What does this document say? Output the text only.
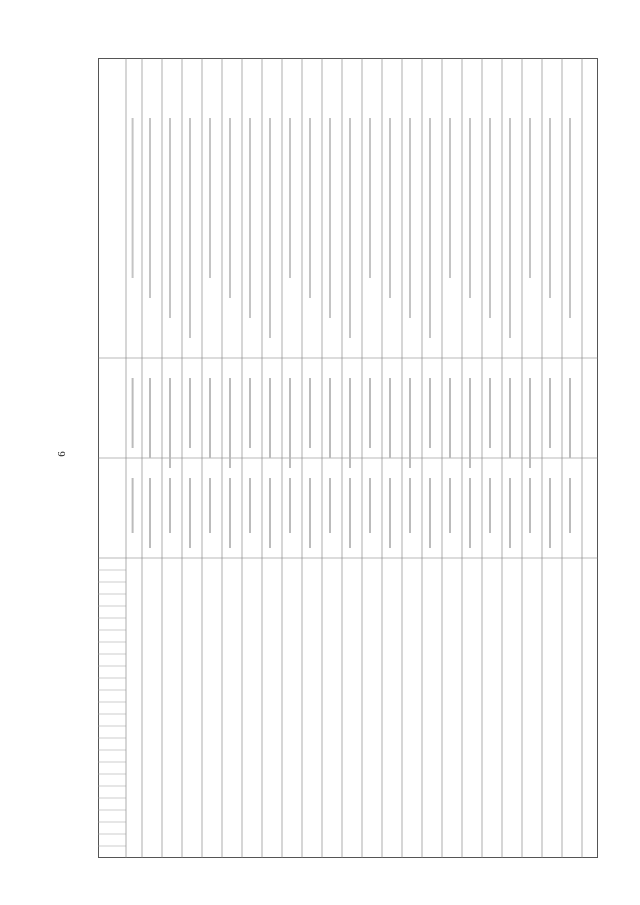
6
